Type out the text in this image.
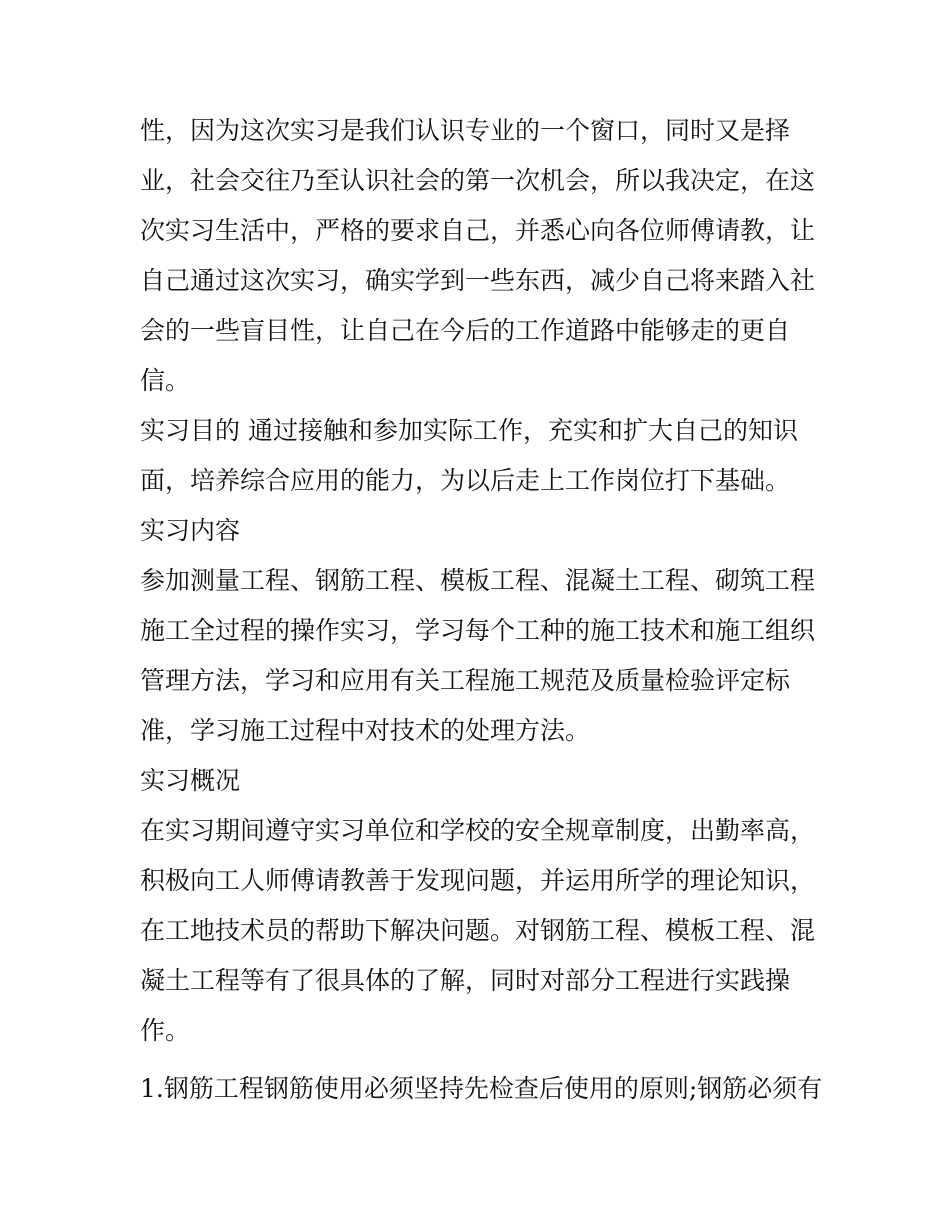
性，因为这次实习是我们认识专业的一个窗口，同时又是择
业，社会交往乃至认识社会的第一次机会，所以我决定，在这
次实习生活中，严格的要求自己，并悉心向各位师傅请教，让
自己通过这次实习，确实学到一些东西，减少自己将来踏入社
会的一些盲目性，让自己在今后的工作道路中能够走的更自
信。
实习目的 通过接触和参加实际工作，充实和扩大自己的知识
面，培养综合应用的能力，为以后走上工作岗位打下基础。
实习内容
参加测量工程、钢筋工程、模板工程、混凝土工程、砌筑工程
施工全过程的操作实习，学习每个工种的施工技术和施工组织
管理方法，学习和应用有关工程施工规范及质量检验评定标
准，学习施工过程中对技术的处理方法。
实习概况
在实习期间遵守实习单位和学校的安全规章制度，出勤率高，
积极向工人师傅请教善于发现问题，并运用所学的理论知识，
在工地技术员的帮助下解决问题。对钢筋工程、模板工程、混
凝土工程等有了很具体的了解，同时对部分工程进行实践操
作。
1.钢筋工程钢筋使用必须坚持先检查后使用的原则;钢筋必须有
